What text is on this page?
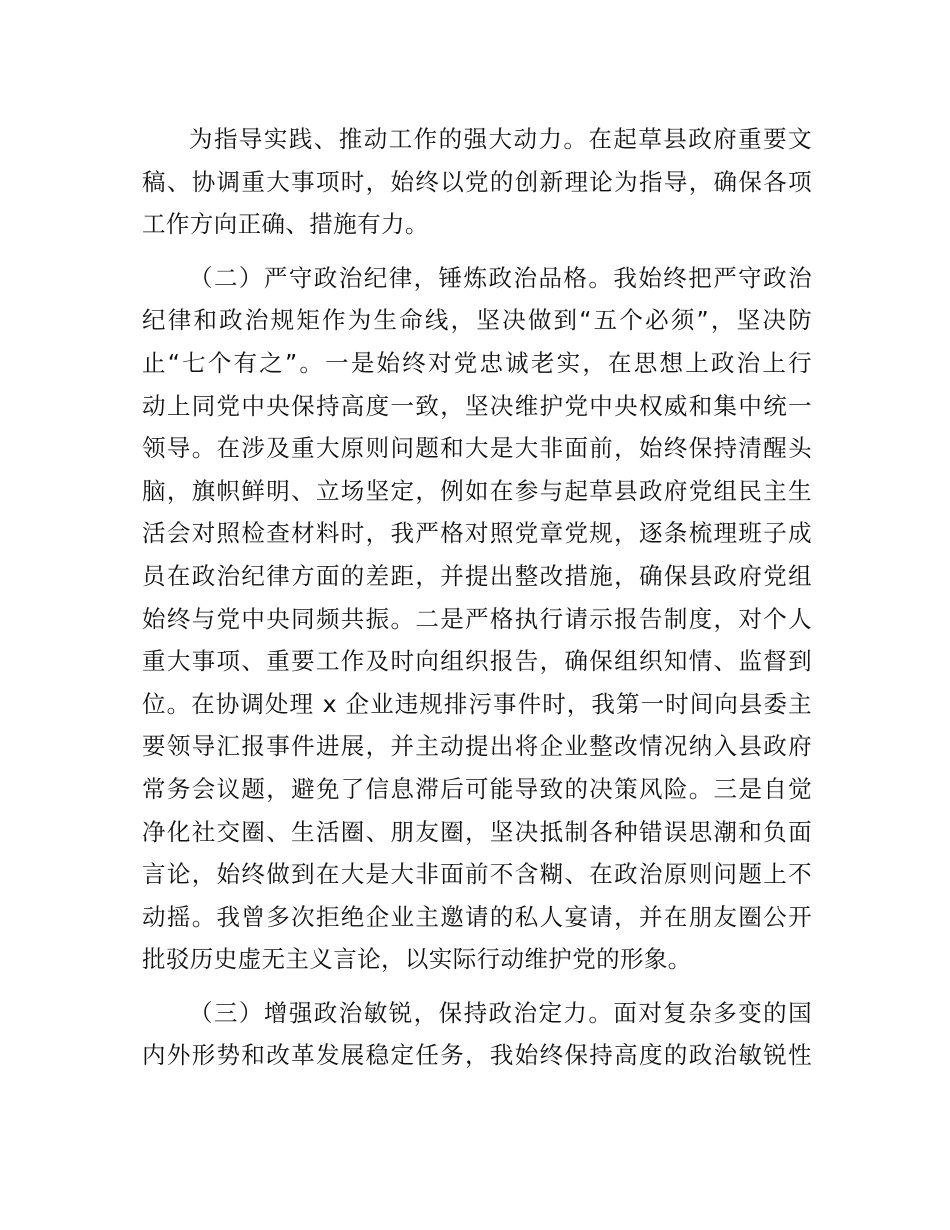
为指导实践、推动工作的强大动力。在起草县政府重要文
稿、协调重大事项时，始终以党的创新理论为指导，确保各项
工作方向正确、措施有力。
（二）严守政治纪律，锤炼政治品格。我始终把严守政治
纪律和政治规矩作为生命线，坚决做到“五个必须”，坚决防
止“七个有之”。一是始终对党忠诚老实，在思想上政治上行
动上同党中央保持高度一致，坚决维护党中央权威和集中统一
领导。在涉及重大原则问题和大是大非面前，始终保持清醒头
脑，旗帜鲜明、立场坚定，例如在参与起草县政府党组民主生
活会对照检查材料时，我严格对照党章党规，逐条梳理班子成
员在政治纪律方面的差距，并提出整改措施，确保县政府党组
始终与党中央同频共振。二是严格执行请示报告制度，对个人
重大事项、重要工作及时向组织报告，确保组织知情、监督到
位。在协调处理 x 企业违规排污事件时，我第一时间向县委主
要领导汇报事件进展，并主动提出将企业整改情况纳入县政府
常务会议题，避免了信息滞后可能导致的决策风险。三是自觉
净化社交圈、生活圈、朋友圈，坚决抵制各种错误思潮和负面
言论，始终做到在大是大非面前不含糊、在政治原则问题上不
动摇。我曾多次拒绝企业主邀请的私人宴请，并在朋友圈公开
批驳历史虚无主义言论，以实际行动维护党的形象。
（三）增强政治敏锐，保持政治定力。面对复杂多变的国
内外形势和改革发展稳定任务，我始终保持高度的政治敏锐性
